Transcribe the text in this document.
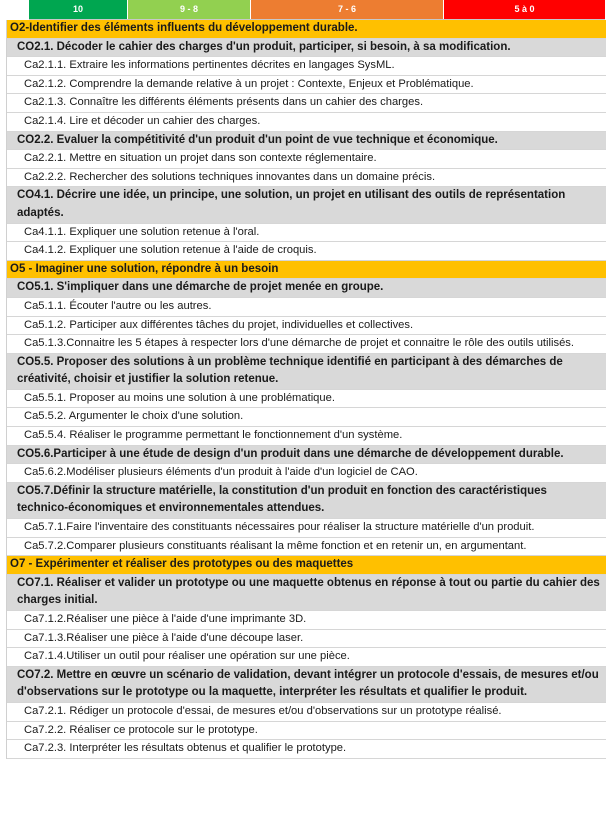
10	9 - 8	7 - 6	5 à 0
O2-Identifier des éléments influents du développement durable.
CO2.1. Décoder le cahier des charges d'un produit, participer, si besoin, à sa modification.
Ca2.1.1. Extraire les informations pertinentes décrites en langages SysML.
Ca2.1.2. Comprendre la demande relative à un projet : Contexte, Enjeux et Problématique.
Ca2.1.3. Connaître les différents éléments présents dans un cahier des charges.
Ca2.1.4. Lire et décoder un cahier des charges.
CO2.2. Evaluer la compétitivité d'un produit d'un point de vue technique et économique.
Ca2.2.1. Mettre en situation un projet dans son contexte réglementaire.
Ca2.2.2. Rechercher des solutions techniques innovantes dans un domaine précis.
CO4.1. Décrire une idée, un principe, une solution, un projet en utilisant des outils de représentation adaptés.
Ca4.1.1. Expliquer une solution retenue à l'oral.
Ca4.1.2. Expliquer une solution retenue à l'aide de croquis.
O5 - Imaginer une solution, répondre à un besoin
CO5.1. S'impliquer dans une démarche de projet menée en groupe.
Ca5.1.1. Écouter l'autre ou les autres.
Ca5.1.2. Participer aux différentes tâches du projet, individuelles et collectives.
Ca5.1.3.Connaitre les 5 étapes à respecter lors d'une démarche de projet et connaitre le rôle des outils utilisés.
CO5.5. Proposer des solutions à un problème technique identifié en participant à des démarches de créativité, choisir et justifier la solution retenue.
Ca5.5.1. Proposer au moins une solution à une problématique.
Ca5.5.2. Argumenter le choix d'une solution.
Ca5.5.4. Réaliser le programme permettant le fonctionnement d'un système.
CO5.6.Participer à une étude de design d'un produit dans une démarche de développement durable.
Ca5.6.2.Modéliser plusieurs éléments d'un produit à l'aide d'un logiciel de CAO.
CO5.7.Définir la structure matérielle, la constitution d'un produit en fonction des caractéristiques technico-économiques et environnementales attendues.
Ca5.7.1.Faire l'inventaire des constituants nécessaires pour réaliser la structure matérielle d'un produit.
Ca5.7.2.Comparer plusieurs constituants réalisant la même fonction et en retenir un, en argumentant.
O7 - Expérimenter et réaliser des prototypes ou des maquettes
CO7.1. Réaliser et valider un prototype ou une maquette obtenus en réponse à tout ou partie du cahier des charges initial.
Ca7.1.2.Réaliser une pièce à l'aide d'une imprimante 3D.
Ca7.1.3.Réaliser une pièce à l'aide d'une découpe laser.
Ca7.1.4.Utiliser un outil pour réaliser une opération sur une pièce.
CO7.2. Mettre en œuvre un scénario de validation, devant intégrer un protocole d'essais, de mesures et/ou d'observations sur le prototype ou la maquette, interpréter les résultats et qualifier le produit.
Ca7.2.1. Rédiger un protocole d'essai, de mesures et/ou d'observations sur un prototype réalisé.
Ca7.2.2. Réaliser ce protocole sur le prototype.
Ca7.2.3. Interpréter les résultats obtenus et qualifier le prototype.
